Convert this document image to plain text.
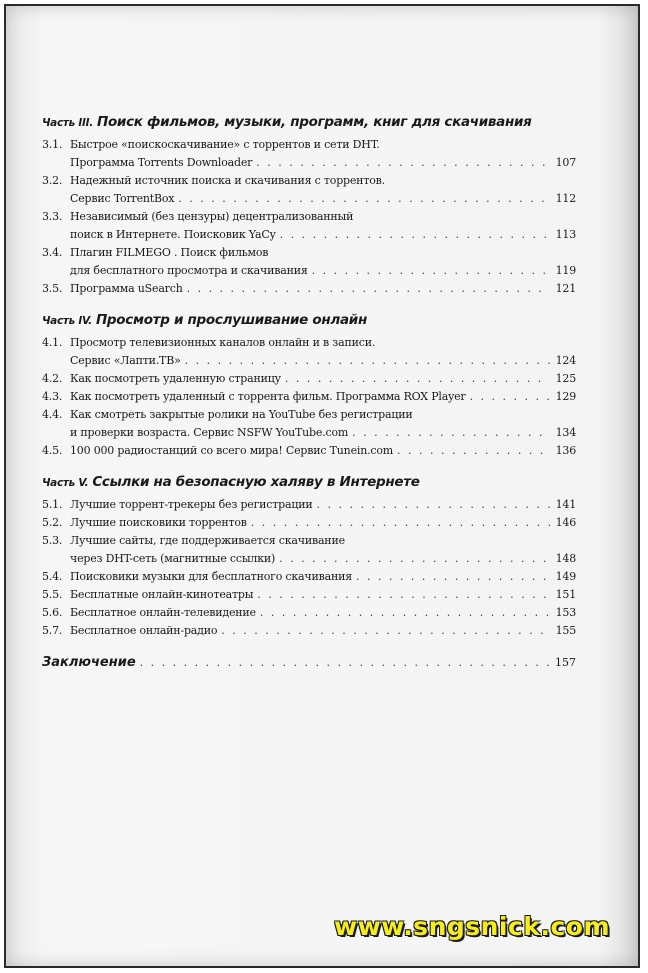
Часть III. Поиск фильмов, музыки, программ, книг для скачивания
3.1. Быстрое «поискоскачивание» с торрентов и сети DHT.
Программа Torrents Downloader . . .	107
3.2. Надежный источник поиска и скачивания с торрентов.
Сервис TorrentBox . . .	112
3.3. Независимый (без цензуры) децентрализованный
поиск в Интернете. Поисковик YaCy . . .	113
3.4. Плагин FILMEGO . Поиск фильмов
для бесплатного просмотра и скачивания . . .	119
3.5. Программа uSearch . . .	121
Часть IV. Просмотр и прослушивание онлайн
4.1. Просмотр телевизионных каналов онлайн и в записи.
Сервис «Лапти.ТВ» . . .	124
4.2. Как посмотреть удаленную страницу . . .	125
4.3. Как посмотреть удаленный с торрента фильм. Программа ROX Player . . .	129
4.4. Как смотреть закрытые ролики на YouTube без регистрации
и проверки возраста. Сервис NSFW YouTube.com . . .	134
4.5. 100 000 радиостанций со всего мира! Сервис Tunein.com . . .	136
Часть V. Ссылки на безопасную халяву в Интернете
5.1. Лучшие торрент-трекеры без регистрации . . .	141
5.2. Лучшие поисковики торрентов . . .	146
5.3. Лучшие сайты, где поддерживается скачивание
через DHT-сеть (магнитные ссылки) . . .	148
5.4. Поисковики музыки для бесплатного скачивания . . .	149
5.5. Бесплатные онлайн-кинотеатры . . .	151
5.6. Бесплатное онлайн-телевидение . . .	153
5.7. Бесплатное онлайн-радио . . .	155
Заключение . . .	157
www.sngsnick.com
